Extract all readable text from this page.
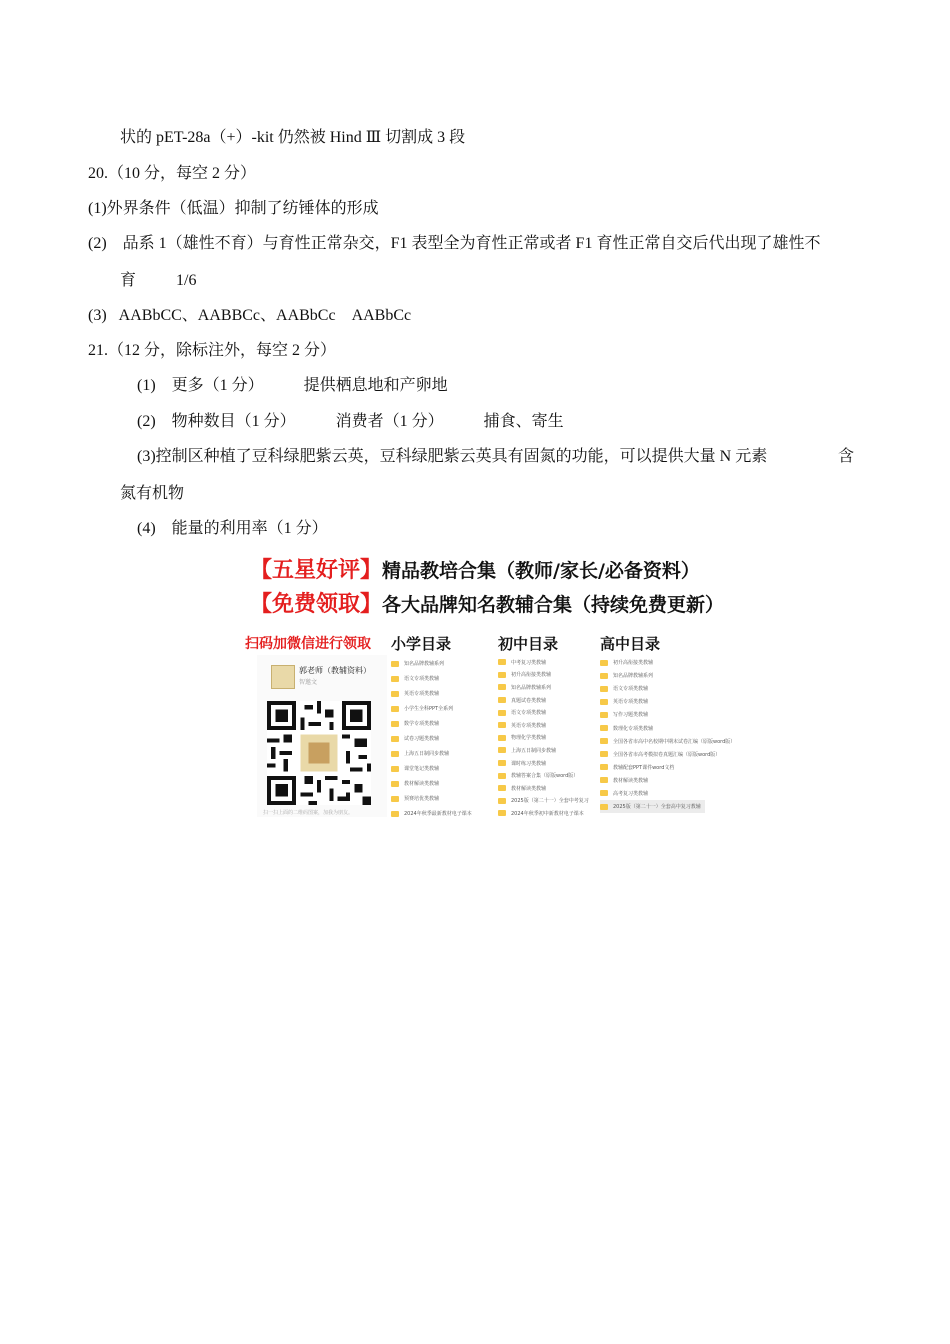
状的 pET-28a（+）-kit 仍然被 Hind Ⅲ 切割成 3 段
20.（10 分，每空 2 分）
(1)外界条件（低温）抑制了纺锤体的形成
(2)    品系 1（雄性不育）与育性正常杂交，F1 表型全为育性正常或者 F1 育性正常自交后代出现了雄性不
育          1/6
(3)   AABbCC、AABBCc、AABbCc    AABbCc
21.（12 分，除标注外，每空 2 分）
(1)    更多（1 分）          提供栖息地和产卵地
(2)    物种数目（1 分）          消费者（1 分）          捕食、寄生
(3)控制区种植了豆科绿肥紫云英，豆科绿肥紫云英具有固氮的功能，可以提供大量 N 元素	含
氮有机物
(4)    能量的利用率（1 分）
【五星好评】精品教培合集（教师/家长/必备资料）
【免费领取】各大品牌知名教辅合集（持续免费更新）
扫码加微信进行领取 小学目录	初中目录	高中目录
郭老师（教辅资料）
智邀文
扫一扫上面的二维码图案，加我为朋友。
知名品牌教辅系列
语文专项类教辅
英语专项类教辅
小学生全科PPT全系列
数学专项类教辅
试卷习题类教辅
上海五日制同步教辅
课堂笔记类教辅
教材解读类教辅
预赛培优类教辅
2024年秋季最新教材电子课本
中考复习类教辅
初升高衔接类教辅
知名品牌教辅系列
真题试卷类教辅
语文专项类教辅
英语专项类教辅
物理化学类教辅
上海五日制同步教辅
课时练习类教辅
教辅答案合集（原版word版）
教材解读类教辅
2025版（第二十一）全套中考复习
2024年秋季初中新教材电子课本
初升高衔接类教辅
知名品牌教辅系列
语文专项类教辅
英语专项类教辅
写作习题类教辅
数理化专项类教辅
全国各省市高中名校期中期末试卷汇编（原版word版）
全国各省市高考模拟卷真题汇编（原版word版）
教辅配套PPT课件word文档
教材解读类教辅
高考复习类教辅
2025版（第二十一）全套高中复习教辅
